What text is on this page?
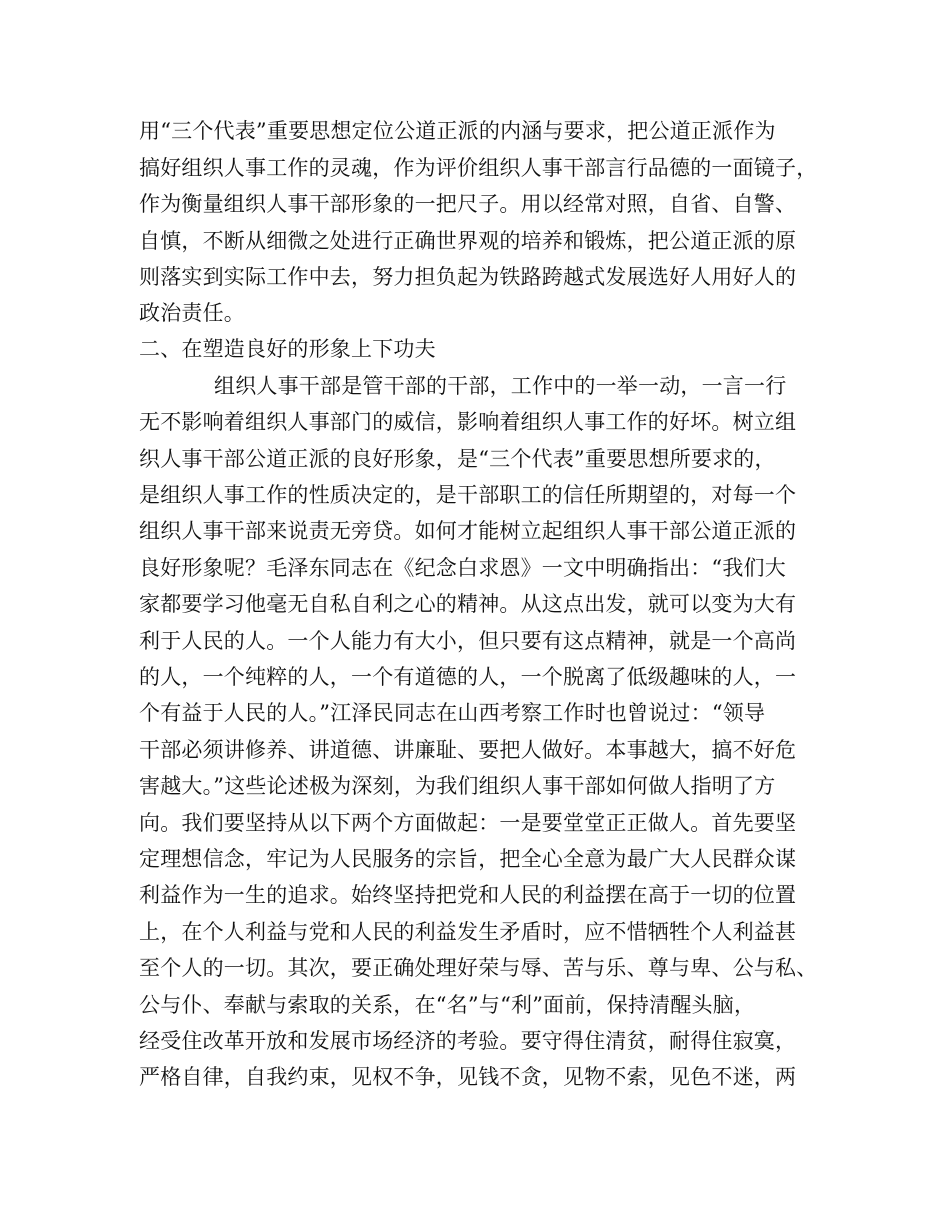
用“三个代表”重要思想定位公道正派的内涵与要求，把公道正派作为
搞好组织人事工作的灵魂，作为评价组织人事干部言行品德的一面镜子，
作为衡量组织人事干部形象的一把尺子。用以经常对照，自省、自警、
自慎，不断从细微之处进行正确世界观的培养和锻炼，把公道正派的原
则落实到实际工作中去，努力担负起为铁路跨越式发展选好人用好人的
政治责任。
二、在塑造良好的形象上下功夫
组织人事干部是管干部的干部，工作中的一举一动，一言一行
无不影响着组织人事部门的威信，影响着组织人事工作的好坏。树立组
织人事干部公道正派的良好形象，是“三个代表”重要思想所要求的，
是组织人事工作的性质决定的，是干部职工的信任所期望的，对每一个
组织人事干部来说责无旁贷。如何才能树立起组织人事干部公道正派的
良好形象呢？毛泽东同志在《纪念白求恩》一文中明确指出：“我们大
家都要学习他毫无自私自利之心的精神。从这点出发，就可以变为大有
利于人民的人。一个人能力有大小，但只要有这点精神，就是一个高尚
的人，一个纯粹的人，一个有道德的人，一个脱离了低级趣味的人，一
个有益于人民的人。”江泽民同志在山西考察工作时也曾说过：“领导
干部必须讲修养、讲道德、讲廉耻、要把人做好。本事越大，搞不好危
害越大。”这些论述极为深刻，为我们组织人事干部如何做人指明了方
向。我们要坚持从以下两个方面做起：一是要堂堂正正做人。首先要坚
定理想信念，牢记为人民服务的宗旨，把全心全意为最广大人民群众谋
利益作为一生的追求。始终坚持把党和人民的利益摆在高于一切的位置
上，在个人利益与党和人民的利益发生矛盾时，应不惜牺牲个人利益甚
至个人的一切。其次，要正确处理好荣与辱、苦与乐、尊与卑、公与私、
公与仆、奉献与索取的关系，在“名”与“利”面前，保持清醒头脑，
经受住改革开放和发展市场经济的考验。要守得住清贫，耐得住寂寞，
严格自律，自我约束，见权不争，见钱不贪，见物不索，见色不迷，两
